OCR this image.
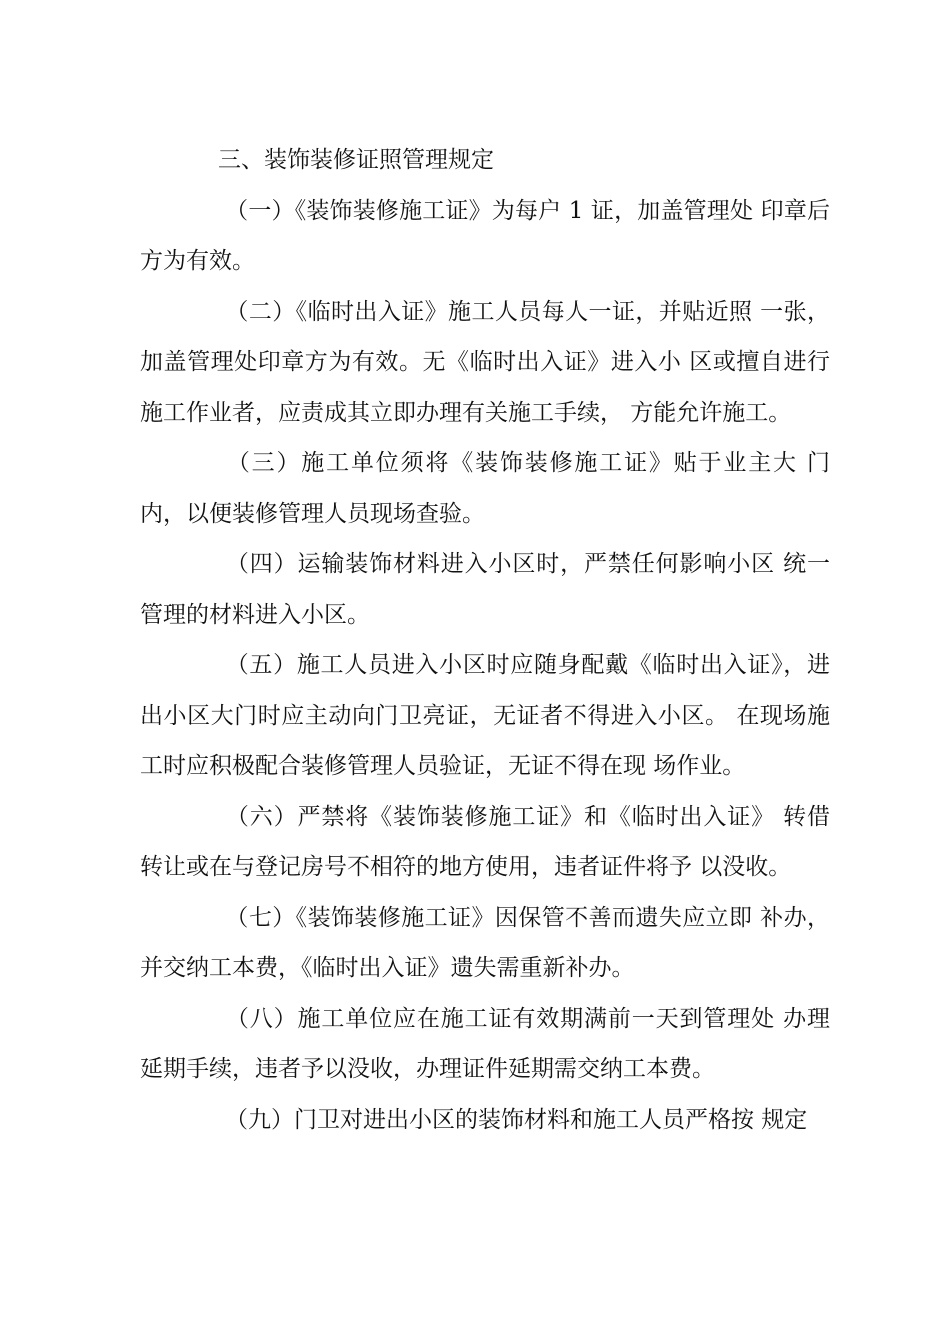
三、装饰装修证照管理规定

（一）《装饰装修施工证》为每户 1 证，加盖管理处 印章后方为有效。

（二）《临时出入证》施工人员每人一证，并贴近照 一张，加盖管理处印章方为有效。无《临时出入证》进入小 区或擅自进行施工作业者，应责成其立即办理有关施工手续， 方能允许施工。

（三）施工单位须将《装饰装修施工证》贴于业主大 门内，以便装修管理人员现场查验。

（四）运输装饰材料进入小区时，严禁任何影响小区 统一管理的材料进入小区。

（五）施工人员进入小区时应随身配戴《临时出入证》，进出小区大门时应主动向门卫亮证，无证者不得进入小区。 在现场施工时应积极配合装修管理人员验证，无证不得在现 场作业。

（六）严禁将《装饰装修施工证》和《临时出入证》 转借转让或在与登记房号不相符的地方使用，违者证件将予 以没收。

（七）《装饰装修施工证》因保管不善而遗失应立即 补办，并交纳工本费，《临时出入证》遗失需重新补办。

（八）施工单位应在施工证有效期满前一天到管理处 办理延期手续，违者予以没收，办理证件延期需交纳工本费。

（九）门卫对进出小区的装饰材料和施工人员严格按 规定
